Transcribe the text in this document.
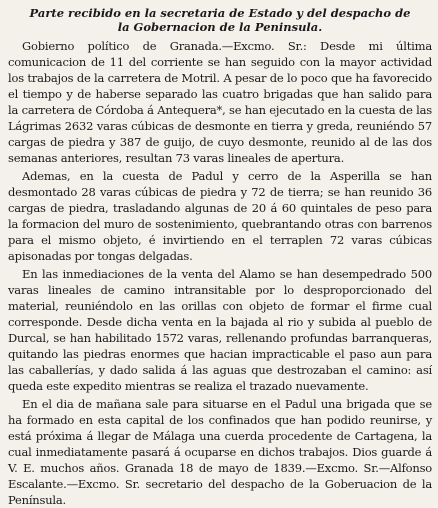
Parte recibido en la secretaria de Estado y del despacho de
la Gobernacion de la Peninsula.

Gobierno político de Granada.—Excmo. Sr.: Desde mi última comunicacion de 11 del corriente se han seguido con la mayor actividad los trabajos de la carretera de Motril. A pesar de lo poco que ha favorecido el tiempo y de haberse separado las cuatro brigadas que han salido para la carretera de Córdoba á Antequera*, se han ejecutado en la cuesta de las Lágrimas 2632 varas cúbicas de desmonte en tierra y greda, reuniéndo 57 cargas de piedra y 387 de guijo, de cuyo desmonte, reunido al de las dos semanas anteriores, resultan 73 varas lineales de apertura.

Ademas, en la cuesta de Padul y cerro de la Asperilla se han desmontado 28 varas cúbicas de piedra y 72 de tierra; se han reunido 36 cargas de piedra, trasladando algunas de 20 á 60 quintales de peso para la formacion del muro de sostenimiento, quebrantando otras con barrenos para el mismo objeto, é invirtiendo en el terraplen 72 varas cúbicas apisonadas por tongas delgadas.

En las inmediaciones de la venta del Alamo se han desempedrado 500 varas lineales de camino intransitable por lo desproporcionado del material, reuniéndolo en las orillas con objeto de formar el firme cual corresponde. Desde dicha venta en la bajada al rio y subida al pueblo de Durcal, se han habilitado 1572 varas, rellenando profundas barranqueras, quitando las piedras enormes que hacian impracticable el paso aun para las caballerías, y dado salida á las aguas que destrozaban el camino: así queda este expedito mientras se realiza el trazado nuevamente.

En el dia de mañana sale para situarse en el Padul una brigada que se ha formado en esta capital de los confinados que han podido reunirse, y está próxima á llegar de Málaga una cuerda procedente de Cartagena, la cual inmediatamente pasará á ocuparse en dichos trabajos. Dios guarde á V. E. muchos años. Granada 18 de mayo de 1839.—Excmo. Sr.—Alfonso Escalante.—Excmo. Sr. secretario del despacho de la Goberuacion de la Península.
